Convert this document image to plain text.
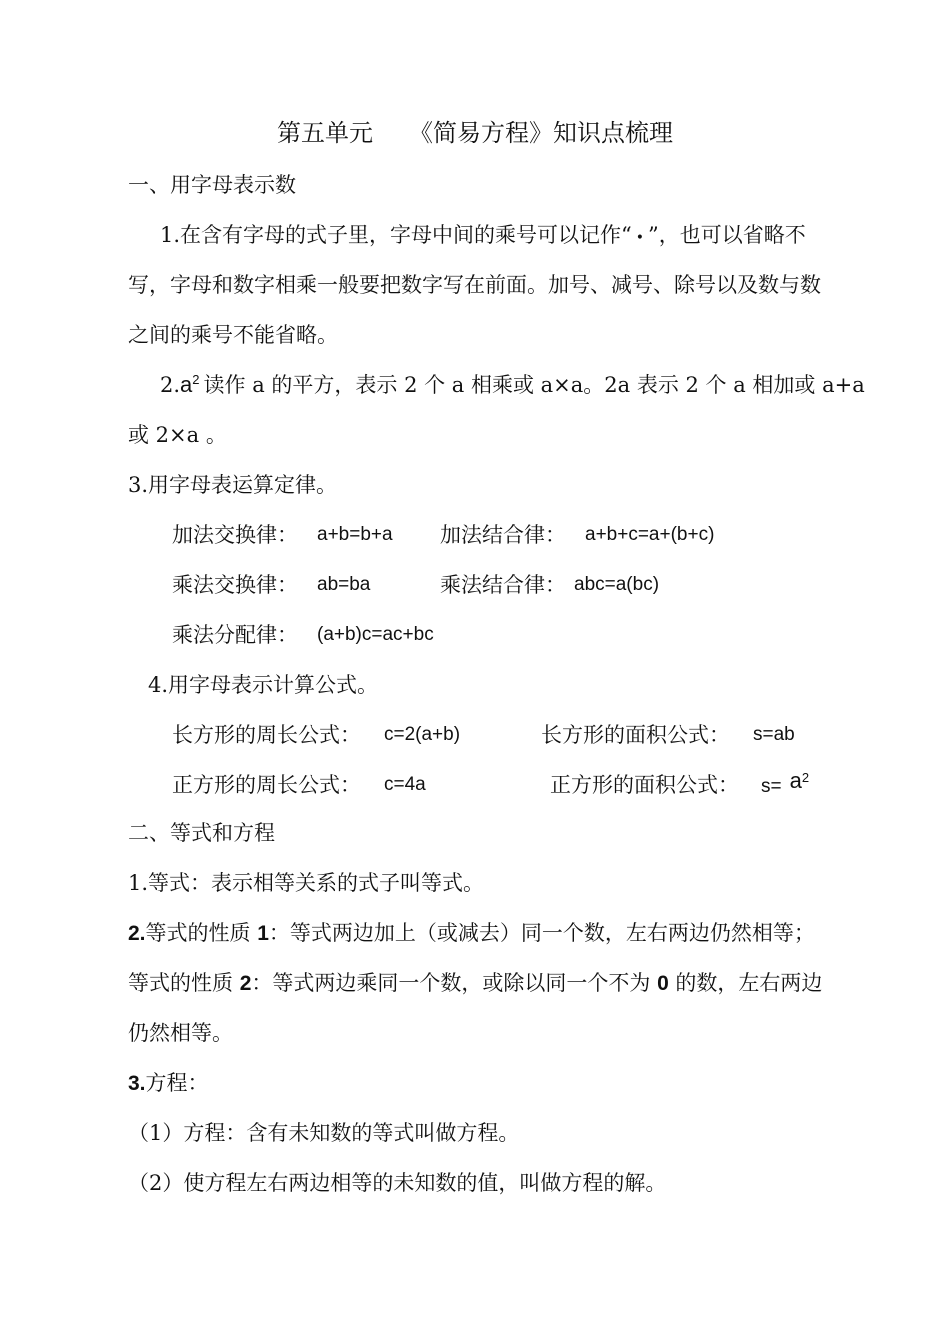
第五单元　　《简易方程》知识点梳理
一、用字母表示数
1.在含有字母的式子里，字母中间的乘号可以记作“ • ”，也可以省略不
写，字母和数字相乘一般要把数字写在前面。加号、减号、除号以及数与数
之间的乘号不能省略。
$2.a^2$ 读作 a 的平方，表示 2 个 a 相乘或 a×a。2a 表示 2 个 a 相加或 a+a
或 2×a 。
3.用字母表运算定律。
加法交换律： a+b=b+a 加法结合律： a+b+c=a+(b+c)
乘法交换律： ab=ba	乘法结合律： abc=a(bc)
乘法分配律： (a+b)c=ac+bc
4.用字母表示计算公式。
长方形的周长公式： c=2(a+b)	长方形的面积公式： s=ab
正方形的周长公式： c=4a	正方形的面积公式： $s= a^2$
二、等式和方程
1.等式：表示相等关系的式子叫等式。
2.等式的性质 1：等式两边加上（或减去）同一个数，左右两边仍然相等；
等式的性质 2：等式两边乘同一个数，或除以同一个不为 0 的数，左右两边
仍然相等。
3.方程：
（1）方程：含有未知数的等式叫做方程。
（2）使方程左右两边相等的未知数的值，叫做方程的解。
